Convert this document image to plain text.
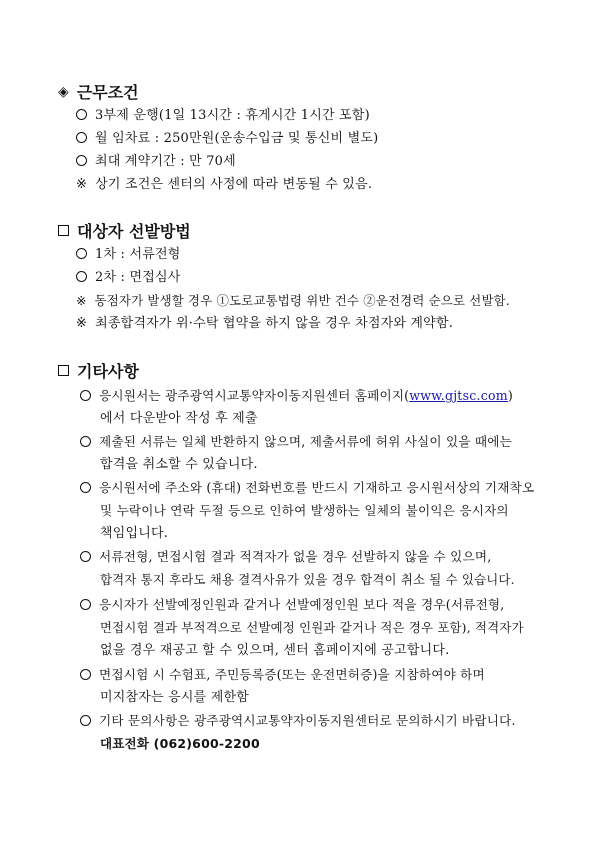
◈ 근무조건
3부제 운행(1일 13시간 : 휴게시간 1시간 포함)
월 임차료 : 250만원(운송수입금 및 통신비 별도)
최대 계약기간 : 만 70세
※ 상기 조건은 센터의 사정에 따라 변동될 수 있음.
대상자 선발방법
1차 : 서류전형
2차 : 면접심사
※ 동점자가 발생할 경우 ①도로교통법령 위반 건수 ②운전경력 순으로 선발함.
※ 최종합격자가 위·수탁 협약을 하지 않을 경우 차점자와 계약함.
기타사항
응시원서는 광주광역시교통약자이동지원센터 홈페이지(www.gjtsc.com)
에서 다운받아 작성 후 제출
제출된 서류는 일체 반환하지 않으며, 제출서류에 허위 사실이 있을 때에는
합격을 취소할 수 있습니다.
응시원서에 주소와 (휴대) 전화번호를 반드시 기재하고 응시원서상의 기재착오
및 누락이나 연락 두절 등으로 인하여 발생하는 일체의 불이익은 응시자의
책임입니다.
서류전형, 면접시험 결과 적격자가 없을 경우 선발하지 않을 수 있으며,
합격자 통지 후라도 채용 결격사유가 있을 경우 합격이 취소 될 수 있습니다.
응시자가 선발예정인원과 같거나 선발예정인원 보다 적을 경우(서류전형,
면접시험 결과 부적격으로 선발예정 인원과 같거나 적은 경우 포함), 적격자가
없을 경우 재공고 할 수 있으며, 센터 홈페이지에 공고합니다.
면접시험 시 수험표, 주민등록증(또는 운전면허증)을 지참하여야 하며
미지참자는 응시를 제한함
기타 문의사항은 광주광역시교통약자이동지원센터로 문의하시기 바랍니다.
대표전화 (062)600-2200
